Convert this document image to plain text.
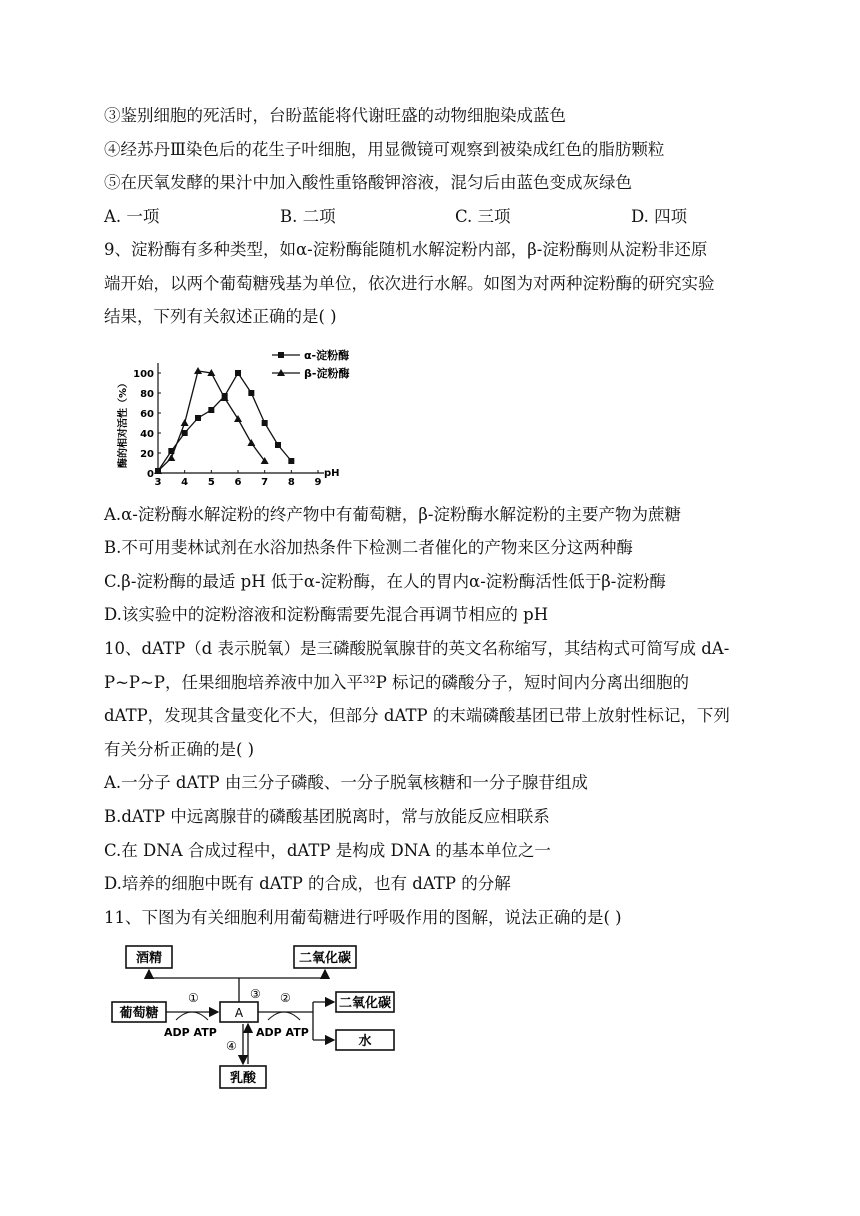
③鉴别细胞的死活时，台盼蓝能将代谢旺盛的动物细胞染成蓝色
④经苏丹Ⅲ染色后的花生子叶细胞，用显微镜可观察到被染成红色的脂肪颗粒
⑤在厌氧发酵的果汁中加入酸性重铬酸钾溶液，混匀后由蓝色变成灰绿色
A. 一项	B. 二项	C. 三项	D. 四项
9、淀粉酶有多种类型，如α-淀粉酶能随机水解淀粉内部，β-淀粉酶则从淀粉非还原
端开始，以两个葡萄糖残基为单位，依次进行水解。如图为对两种淀粉酶的研究实验
结果，下列有关叙述正确的是( )
3 4 5 6 7 8 9
pH
0
20
40
60
80
100
酶的相对活性（%）
α-淀粉酶
β-淀粉酶
A.α-淀粉酶水解淀粉的终产物中有葡萄糖，β-淀粉酶水解淀粉的主要产物为蔗糖
B.不可用斐林试剂在水浴加热条件下检测二者催化的产物来区分这两种酶
C.β-淀粉酶的最适 pH 低于α-淀粉酶，在人的胃内α-淀粉酶活性低于β-淀粉酶
D.该实验中的淀粉溶液和淀粉酶需要先混合再调节相应的 pH
10、dATP（d 表示脱氧）是三磷酸脱氧腺苷的英文名称缩写，其结构式可简写成 dA-
P~P~P，任果细胞培养液中加入平$^{32}$P 标记的磷酸分子，短时间内分离出细胞的
dATP，发现其含量变化不大，但部分 dATP 的末端磷酸基团已带上放射性标记，下列
有关分析正确的是( )
A.一分子 dATP 由三分子磷酸、一分子脱氧核糖和一分子腺苷组成
B.dATP 中远离腺苷的磷酸基团脱离时，常与放能反应相联系
C.在 DNA 合成过程中，dATP 是构成 DNA 的基本单位之一
D.培养的细胞中既有 dATP 的合成，也有 dATP 的分解
11、下图为有关细胞利用葡萄糖进行呼吸作用的图解，说法正确的是( )
酒精	二氧化碳
葡萄糖	A
二氧化碳
水
乳酸
③
①
ADP ATP
②
ADP ATP
④
